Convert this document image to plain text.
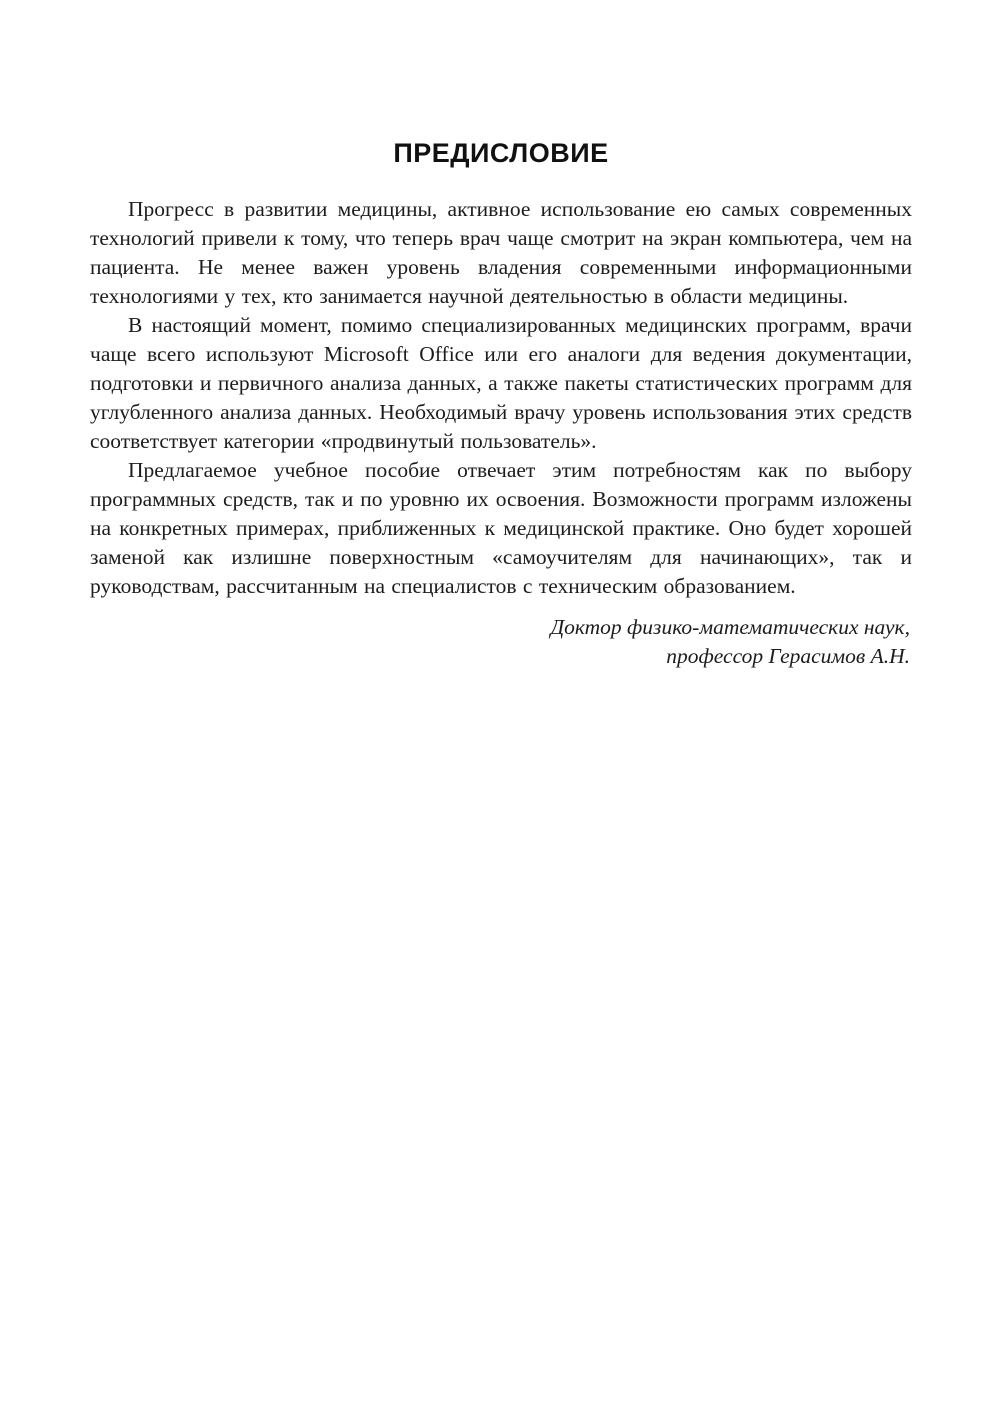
ПРЕДИСЛОВИЕ

Прогресс в развитии медицины, активное использование ею самых современных технологий привели к тому, что теперь врач чаще смотрит на экран компьютера, чем на пациента. Не менее важен уровень владения современными информационными технологиями у тех, кто занимается научной деятельностью в области медицины.

В настоящий момент, помимо специализированных медицинских программ, врачи чаще всего используют Microsoft Office или его аналоги для ведения документации, подготовки и первичного анализа данных, а также пакеты статистических программ для углубленного анализа данных. Необходимый врачу уровень использования этих средств соответствует категории «продвинутый пользователь».

Предлагаемое учебное пособие отвечает этим потребностям как по выбору программных средств, так и по уровню их освоения. Возможности программ изложены на конкретных примерах, приближенных к медицинской практике. Оно будет хорошей заменой как излишне поверхностным «самоучителям для начинающих», так и руководствам, рассчитанным на специалистов с техническим образованием.

Доктор физико-математических наук,
профессор Герасимов А.Н.
